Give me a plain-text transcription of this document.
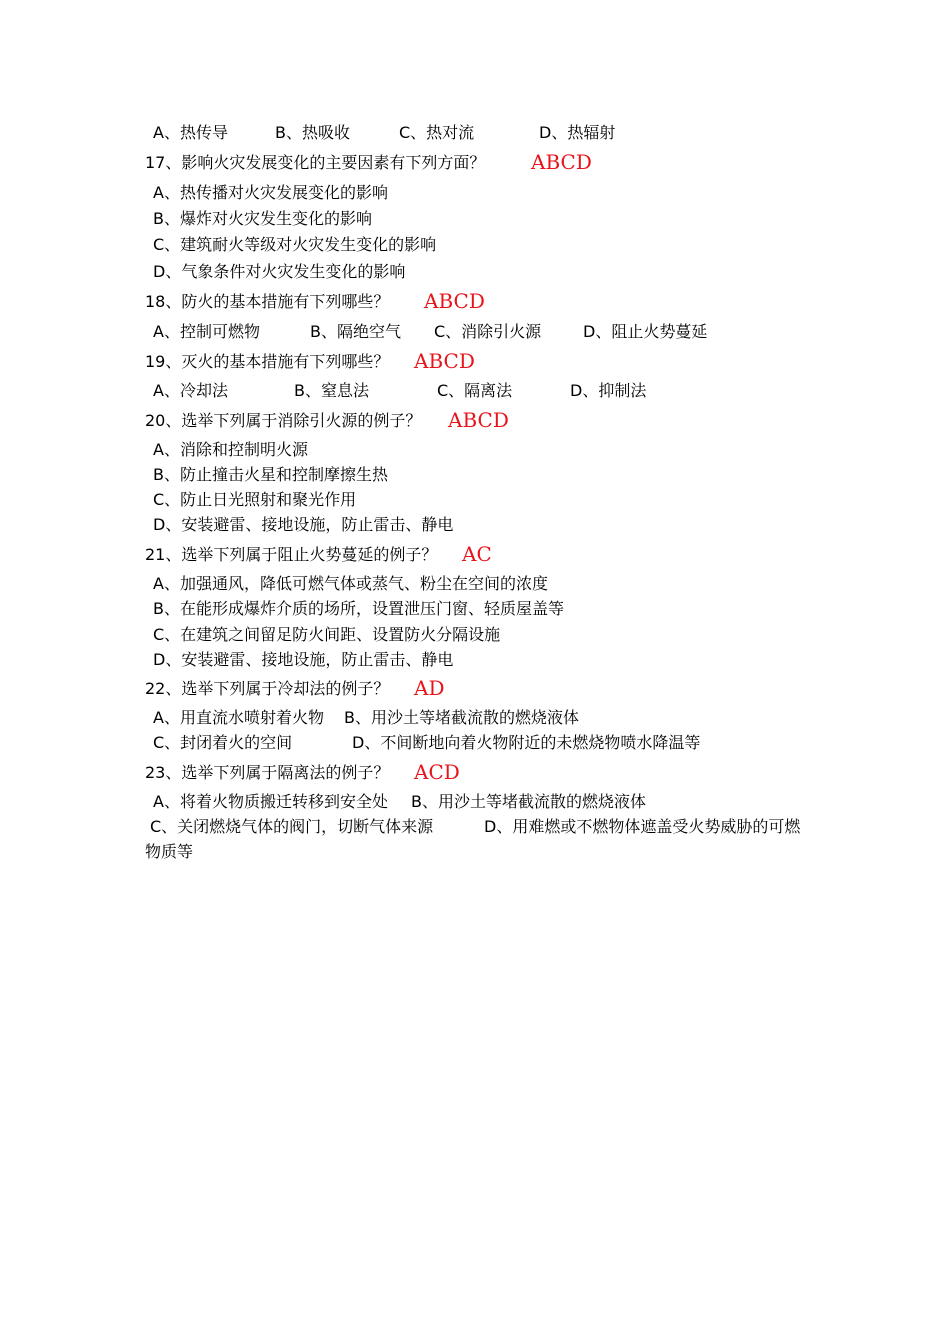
A、热传导	B、热吸收	C、热对流	D、热辐射
17、影响火灾发展变化的主要因素有下列方面？ ABCD
A、热传播对火灾发展变化的影响
B、爆炸对火灾发生变化的影响
C、建筑耐火等级对火灾发生变化的影响
D、气象条件对火灾发生变化的影响
18、防火的基本措施有下列哪些？ ABCD
A、控制可燃物	B、隔绝空气 C、消除引火源	D、阻止火势蔓延
19、灭火的基本措施有下列哪些？ ABCD
A、冷却法	B、窒息法	C、隔离法	D、抑制法
20、选举下列属于消除引火源的例子？ ABCD
A、消除和控制明火源
B、防止撞击火星和控制摩擦生热
C、防止日光照射和聚光作用
D、安装避雷、接地设施，防止雷击、静电
21、选举下列属于阻止火势蔓延的例子？ AC
A、加强通风，降低可燃气体或蒸气、粉尘在空间的浓度
B、在能形成爆炸介质的场所，设置泄压门窗、轻质屋盖等
C、在建筑之间留足防火间距、设置防火分隔设施
D、安装避雷、接地设施，防止雷击、静电
22、选举下列属于冷却法的例子？ AD
A、用直流水喷射着火物 B、用沙土等堵截流散的燃烧液体
C、封闭着火的空间	D、不间断地向着火物附近的未燃烧物喷水降温等
23、选举下列属于隔离法的例子？ ACD
A、将着火物质搬迁转移到安全处 B、用沙土等堵截流散的燃烧液体
C、关闭燃烧气体的阀门，切断气体来源	D、用难燃或不燃物体遮盖受火势威胁的可燃
物质等
